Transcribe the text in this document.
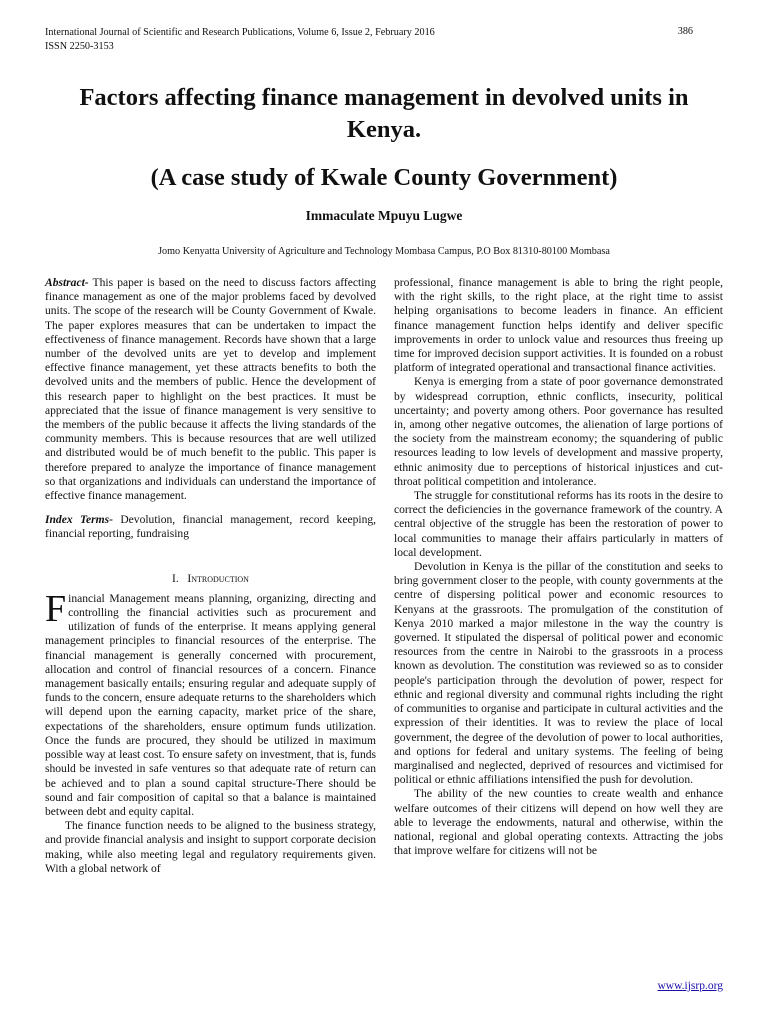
International Journal of Scientific and Research Publications, Volume 6, Issue 2, February 2016
ISSN 2250-3153
386
Factors affecting finance management in devolved units in Kenya.
(A case study of Kwale County Government)
Immaculate Mpuyu Lugwe
Jomo Kenyatta University of Agriculture and Technology Mombasa Campus, P.O Box 81310-80100 Mombasa

Abstract- This paper is based on the need to discuss factors affecting finance management as one of the major problems faced by devolved units. The scope of the research will be County Government of Kwale. The paper explores measures that can be undertaken to impact the effectiveness of finance management. Records have shown that a large number of the devolved units are yet to develop and implement effective finance management, yet these attracts benefits to both the devolved units and the members of public. Hence the development of this research paper to highlight on the best practices. It must be appreciated that the issue of finance management is very sensitive to the members of the public because it affects the living standards of the community members. This is because resources that are well utilized and distributed would be of much benefit to the public. This paper is therefore prepared to analyze the importance of finance management so that organizations and individuals can understand the importance of effective finance management.

Index Terms- Devolution, financial management, record keeping, financial reporting, fundraising

I. Introduction

Financial Management means planning, organizing, directing and controlling the financial activities such as procurement and utilization of funds of the enterprise. It means applying general management principles to financial resources of the enterprise. The financial management is generally concerned with procurement, allocation and control of financial resources of a concern. Finance management basically entails; ensuring regular and adequate supply of funds to the concern, ensure adequate returns to the shareholders which will depend upon the earning capacity, market price of the share, expectations of the shareholders, ensure optimum funds utilization. Once the funds are procured, they should be utilized in maximum possible way at least cost. To ensure safety on investment, that is, funds should be invested in safe ventures so that adequate rate of return can be achieved and to plan a sound capital structure-There should be sound and fair composition of capital so that a balance is maintained between debt and equity capital.

The finance function needs to be aligned to the business strategy, and provide financial analysis and insight to support corporate decision making, while also meeting legal and regulatory requirements given. With a global network of

professional, finance management is able to bring the right people, with the right skills, to the right place, at the right time to assist helping organisations to become leaders in finance. An efficient finance management function helps identify and deliver specific improvements in order to unlock value and resources thus freeing up time for improved decision support activities. It is founded on a robust platform of integrated operational and transactional finance activities.

Kenya is emerging from a state of poor governance demonstrated by widespread corruption, ethnic conflicts, insecurity, political uncertainty; and poverty among others. Poor governance has resulted in, among other negative outcomes, the alienation of large portions of the society from the mainstream economy; the squandering of public resources leading to low levels of development and massive property, ethnic animosity due to perceptions of historical injustices and cut-throat political competition and intolerance.

The struggle for constitutional reforms has its roots in the desire to correct the deficiencies in the governance framework of the country. A central objective of the struggle has been the restoration of power to local communities to manage their affairs particularly in matters of local development.

Devolution in Kenya is the pillar of the constitution and seeks to bring government closer to the people, with county governments at the centre of dispersing political power and economic resources to Kenyans at the grassroots. The promulgation of the constitution of Kenya 2010 marked a major milestone in the way the country is governed. It stipulated the dispersal of political power and economic resources from the centre in Nairobi to the grassroots in a process known as devolution. The constitution was reviewed so as to consider people's participation through the devolution of power, respect for ethnic and regional diversity and communal rights including the right of communities to organise and participate in cultural activities and the expression of their identities. It was to review the place of local government, the degree of the devolution of power to local authorities, and options for federal and unitary systems. The feeling of being marginalised and neglected, deprived of resources and victimised for political or ethnic affiliations intensified the push for devolution.

The ability of the new counties to create wealth and enhance welfare outcomes of their citizens will depend on how well they are able to leverage the endowments, natural and otherwise, within the national, regional and global operating contexts. Attracting the jobs that improve welfare for citizens will not be

www.ijsrp.org
